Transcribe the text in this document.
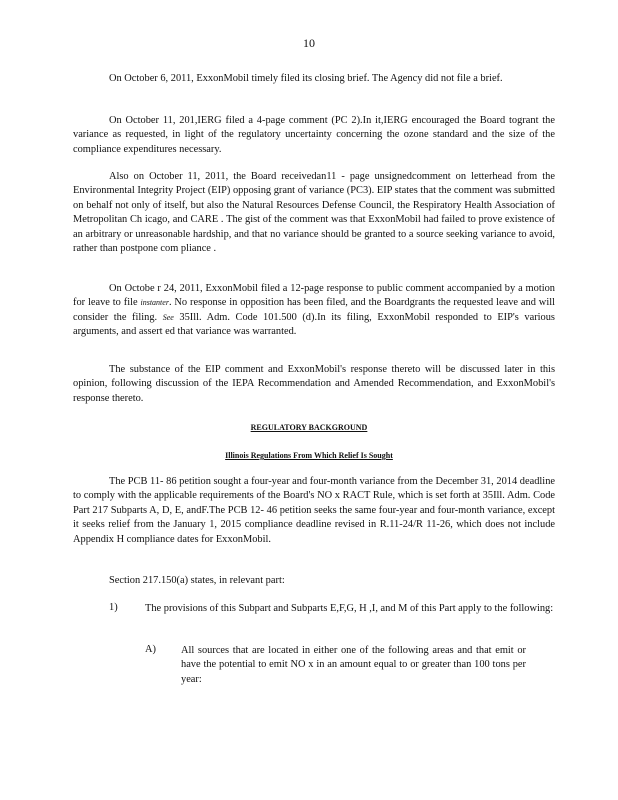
10

On October 6, 2011, ExxonMobil timely filed its closing brief. The Agency did not file a brief.

On October 11, 201,IERG filed a 4-page comment (PC 2).In it,IERG encouraged the Board togrant the variance as requested, in light of the regulatory uncertainty concerning the ozone standard and the size of the compliance expenditures necessary.

Also on October 11, 2011, the Board receivedan11 - page unsignedcomment on letterhead from the Environmental Integrity Project (EIP) opposing grant of variance (PC3). EIP states that the comment was submitted on behalf not only of itself, but also the Natural Resources Defense Council, the Respiratory Health Association of Metropolitan Ch icago, and CARE . The gist of the comment was that ExxonMobil had failed to prove existence of an arbitrary or unreasonable hardship, and that no variance should be granted to a source seeking variance to avoid, rather than postpone com pliance .

On Octobe r 24, 2011, ExxonMobil filed a 12-page response to public comment accompanied by a motion for leave to file instanter. No response in opposition has been filed, and the Boardgrants the requested leave and will consider the filing. See 35Ill. Adm. Code 101.500 (d).In its filing, ExxonMobil responded to EIP's various arguments, and assert ed that variance was warranted.

The substance of the EIP comment and ExxonMobil's response thereto will be discussed later in this opinion, following discussion of the IEPA Recommendation and Amended Recommendation, and ExxonMobil's response thereto.

REGULATORY BACKGROUND
Illinois Regulations From Which Relief Is Sought

The PCB 11- 86 petition sought a four-year and four-month variance from the December 31, 2014 deadline to comply with the applicable requirements of the Board's NO x RACT Rule, which is set forth at 35Ill. Adm. Code Part 217 Subparts A, D, E, andF.The PCB 12- 46 petition seeks the same four-year and four-month variance, except it seeks relief from the January 1, 2015 compliance deadline revised in R.11-24/R 11-26, which does not include Appendix H compliance dates for ExxonMobil.

Section 217.150(a) states, in relevant part:

1)	The provisions of this Subpart and Subparts E,F,G, H ,I, and M of this Part apply to the following:

A) All sources that are located in either one of the following areas and that emit or have the potential to emit NO x in an amount equal to or greater than 100 tons per year:
